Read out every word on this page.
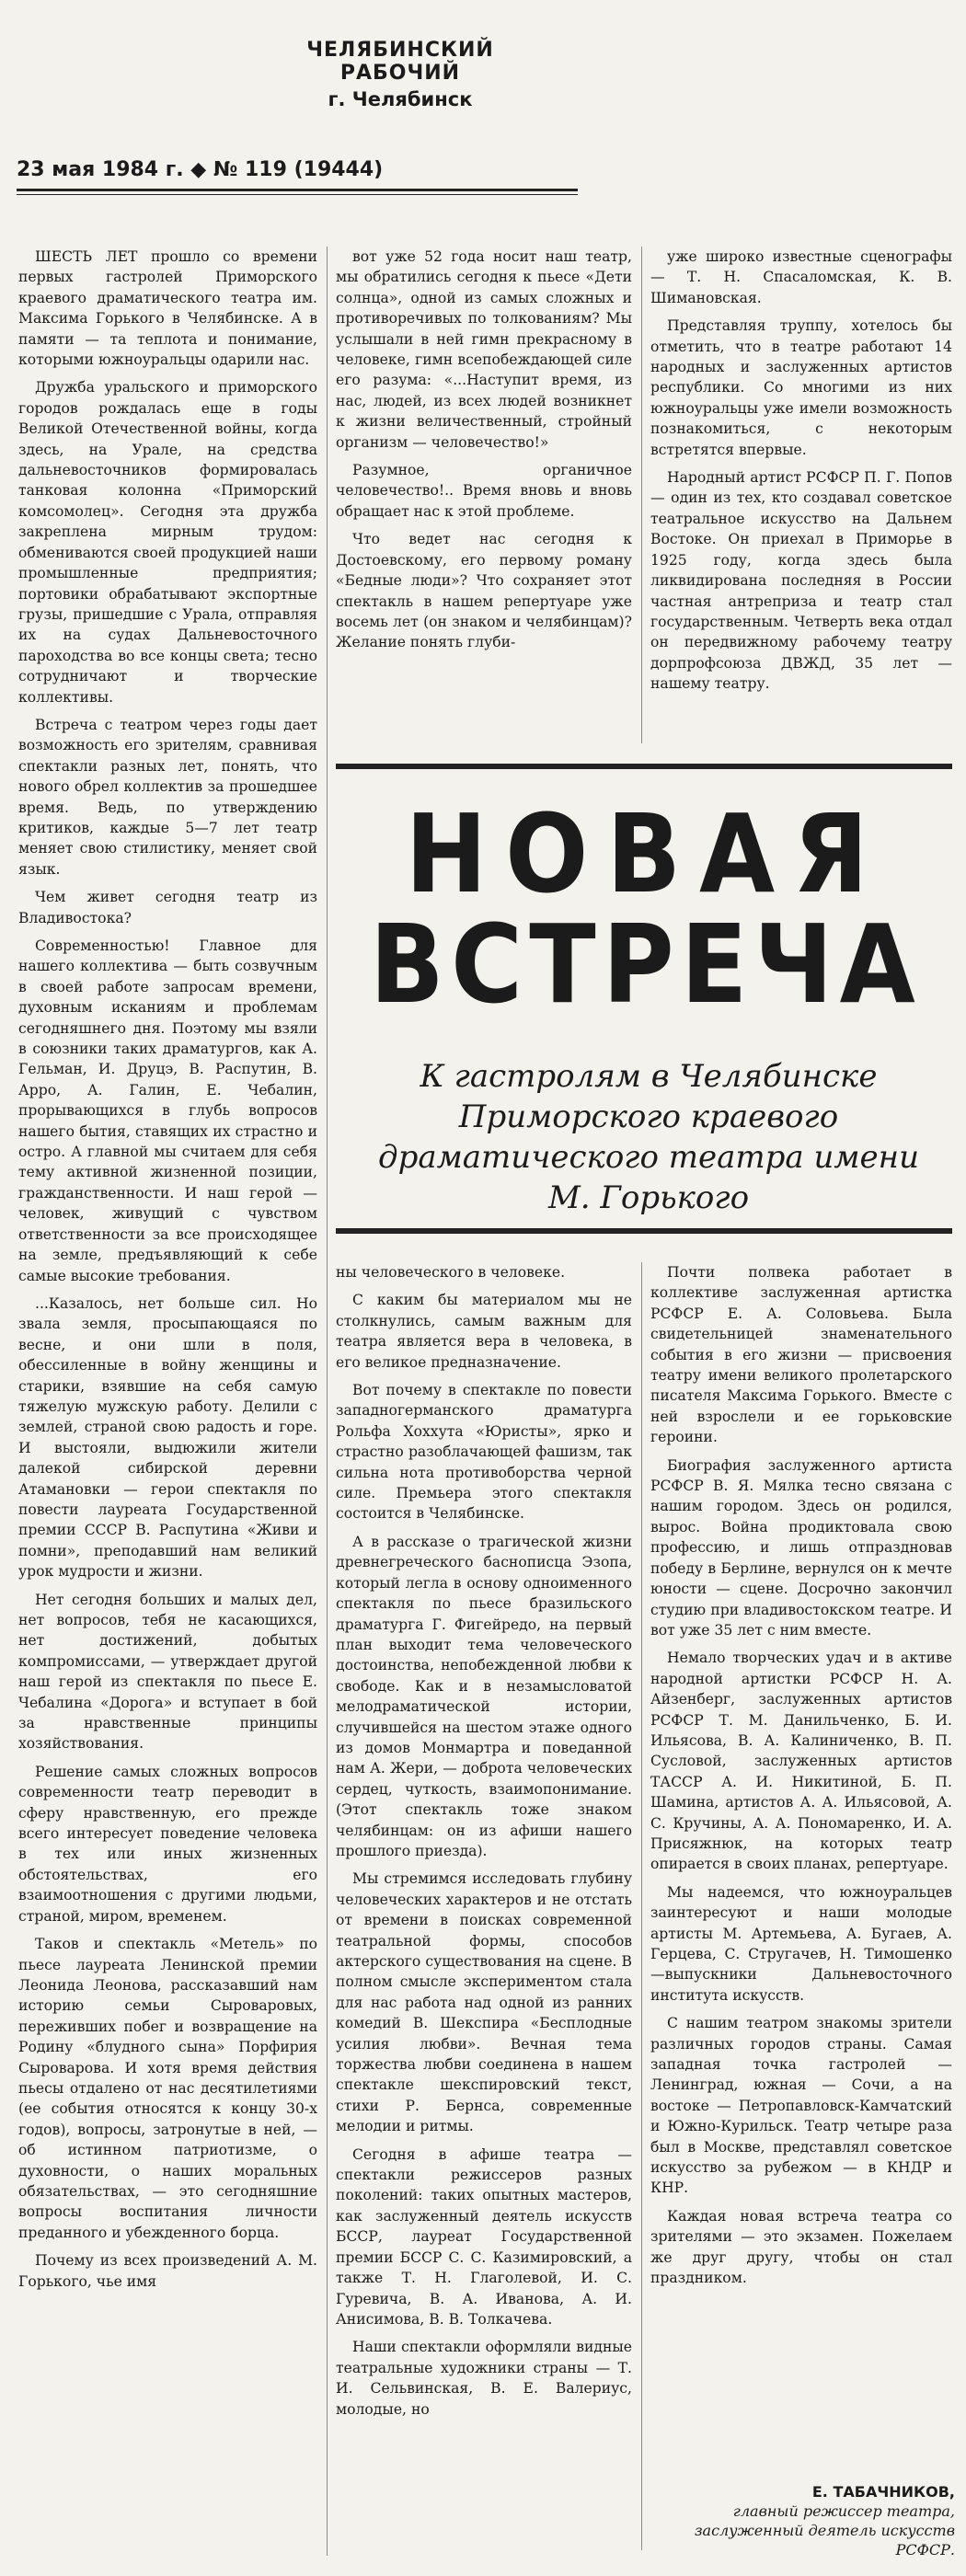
ЧЕЛЯБИНСКИЙ РАБОЧИЙ
г. Челябинск
23 мая 1984 г. ◆ № 119 (19444)

ШЕСТЬ ЛЕТ прошло со времени первых гастролей Приморского краевого драматического театра им. Максима Горького в Челябинске. А в памяти — та теплота и понимание, которыми южноуральцы одарили нас.

Дружба уральского и приморского городов рождалась еще в годы Великой Отечественной войны, когда здесь, на Урале, на средства дальневосточников формировалась танковая колонна «Приморский комсомолец». Сегодня эта дружба закреплена мирным трудом: обмениваются своей продукцией наши промышленные предприятия; портовики обрабатывают экспортные грузы, пришедшие с Урала, отправляя их на судах Дальневосточного пароходства во все концы света; тесно сотрудничают и творческие коллективы.

Встреча с театром через годы дает возможность его зрителям, сравнивая спектакли разных лет, понять, что нового обрел коллектив за прошедшее время. Ведь, по утверждению критиков, каждые 5—7 лет театр меняет свою стилистику, меняет свой язык.

Чем живет сегодня театр из Владивостока?

Современностью! Главное для нашего коллектива — быть созвучным в своей работе запросам времени, духовным исканиям и проблемам сегодняшнего дня. Поэтому мы взяли в союзники таких драматургов, как А. Гельман, И. Друцэ, В. Распутин, В. Арро, А. Галин, Е. Чебалин, прорывающихся в глубь вопросов нашего бытия, ставящих их страстно и остро. А главной мы считаем для себя тему активной жизненной позиции, гражданственности. И наш герой — человек, живущий с чувством ответственности за все происходящее на земле, предъявляющий к себе самые высокие требования.

...Казалось, нет больше сил. Но звала земля, просыпающаяся по весне, и они шли в поля, обессиленные в войну женщины и старики, взявшие на себя самую тяжелую мужскую работу. Делили с землей, страной свою радость и горе. И выстояли, выдюжили жители далекой сибирской деревни Атамановки — герои спектакля по повести лауреата Государственной премии СССР В. Распутина «Живи и помни», преподавший нам великий урок мудрости и жизни.

Нет сегодня больших и малых дел, нет вопросов, тебя не касающихся, нет достижений, добытых компромиссами, — утверждает другой наш герой из спектакля по пьесе Е. Чебалина «Дорога» и вступает в бой за нравственные принципы хозяйствования.

Решение самых сложных вопросов современности театр переводит в сферу нравственную, его прежде всего интересует поведение человека в тех или иных жизненных обстоятельствах, его взаимоотношения с другими людьми, страной, миром, временем.

Таков и спектакль «Метель» по пьесе лауреата Ленинской премии Леонида Леонова, рассказавший нам историю семьи Сыроваровых, переживших побег и возвращение на Родину «блудного сына» Порфирия Сыроварова. И хотя время действия пьесы отдалено от нас десятилетиями (ее события относятся к концу 30-х годов), вопросы, затронутые в ней, — об истинном патриотизме, о духовности, о наших моральных обязательствах, — это сегодняшние вопросы воспитания личности преданного и убежденного борца.

Почему из всех произведений А. М. Горького, чье имя

вот уже 52 года носит наш театр, мы обратились сегодня к пьесе «Дети солнца», одной из самых сложных и противоречивых по толкованиям? Мы услышали в ней гимн прекрасному в человеке, гимн всепобеждающей силе его разума: «...Наступит время, из нас, людей, из всех людей возникнет к жизни величественный, стройный организм — человечество!»

Разумное, органичное человечество!.. Время вновь и вновь обращает нас к этой проблеме.

Что ведет нас сегодня к Достоевскому, его первому роману «Бедные люди»? Что сохраняет этот спектакль в нашем репертуаре уже восемь лет (он знаком и челябинцам)? Желание понять глуби-

уже широко известные сценографы — Т. Н. Спасаломская, К. В. Шимановская.

Представляя труппу, хотелось бы отметить, что в театре работают 14 народных и заслуженных артистов республики. Со многими из них южноуральцы уже имели возможность познакомиться, с некоторым встретятся впервые.

Народный артист РСФСР П. Г. Попов — один из тех, кто создавал советское театральное искусство на Дальнем Востоке. Он приехал в Приморье в 1925 году, когда здесь была ликвидирована последняя в России частная антреприза и театр стал государственным. Четверть века отдал он передвижному рабочему театру дорпрофсоюза ДВЖД, 35 лет — нашему театру.

НОВАЯ
ВСТРЕЧА
К гастролям в Челябинске Приморского краевого драматического театра имени М. Горького

ны человеческого в человеке.

С каким бы материалом мы не столкнулись, самым важным для театра является вера в человека, в его великое предназначение.

Вот почему в спектакле по повести западногерманского драматурга Рольфа Хоххута «Юристы», ярко и страстно разоблачающей фашизм, так сильна нота противоборства черной силе. Премьера этого спектакля состоится в Челябинске.

А в рассказе о трагической жизни древнегреческого баснописца Эзопа, который легла в основу одноименного спектакля по пьесе бразильского драматурга Г. Фигейредо, на первый план выходит тема человеческого достоинства, непобежденной любви к свободе. Как и в незамысловатой мелодраматической истории, случившейся на шестом этаже одного из домов Монмартра и поведанной нам А. Жери, — доброта человеческих сердец, чуткость, взаимопонимание. (Этот спектакль тоже знаком челябинцам: он из афиши нашего прошлого приезда).

Мы стремимся исследовать глубину человеческих характеров и не отстать от времени в поисках современной театральной формы, способов актерского существования на сцене. В полном смысле экспериментом стала для нас работа над одной из ранних комедий В. Шекспира «Бесплодные усилия любви». Вечная тема торжества любви соединена в нашем спектакле шекспировский текст, стихи Р. Бернса, современные мелодии и ритмы.

Сегодня в афише театра — спектакли режиссеров разных поколений: таких опытных мастеров, как заслуженный деятель искусств БССР, лауреат Государственной премии БССР С. С. Казимировский, а также Т. Н. Глаголевой, И. С. Гуревича, В. А. Иванова, А. И. Анисимова, В. В. Толкачева.

Наши спектакли оформляли видные театральные художники страны — Т. И. Сельвинская, В. Е. Валериус, молодые, но

Почти полвека работает в коллективе заслуженная артистка РСФСР Е. А. Соловьева. Была свидетельницей знаменательного события в его жизни — присвоения театру имени великого пролетарского писателя Максима Горького. Вместе с ней взрослели и ее горьковские героини.

Биография заслуженного артиста РСФСР В. Я. Мялка тесно связана с нашим городом. Здесь он родился, вырос. Война продиктовала свою профессию, и лишь отпраздновав победу в Берлине, вернулся он к мечте юности — сцене. Досрочно закончил студию при владивостокском театре. И вот уже 35 лет с ним вместе.

Немало творческих удач и в активе народной артистки РСФСР Н. А. Айзенберг, заслуженных артистов РСФСР Т. М. Данильченко, Б. И. Ильясова, В. А. Калиниченко, В. П. Сусловой, заслуженных артистов ТАССР А. И. Никитиной, Б. П. Шамина, артистов А. А. Ильясовой, А. С. Кручины, А. А. Пономаренко, И. А. Присяжнюк, на которых театр опирается в своих планах, репертуаре.

Мы надеемся, что южноуральцев заинтересуют и наши молодые артисты М. Артемьева, А. Бугаев, А. Герцева, С. Стругачев, Н. Тимошенко—выпускники Дальневосточного института искусств.

С нашим театром знакомы зрители различных городов страны. Самая западная точка гастролей — Ленинград, южная — Сочи, а на востоке — Петропавловск-Камчатский и Южно-Курильск. Театр четыре раза был в Москве, представлял советское искусство за рубежом — в КНДР и КНР.

Каждая новая встреча театра со зрителями — это экзамен. Пожелаем же друг другу, чтобы он стал праздником.

Е. ТАБАЧНИКОВ,
главный режиссер театра, заслуженный деятель искусств РСФСР.
